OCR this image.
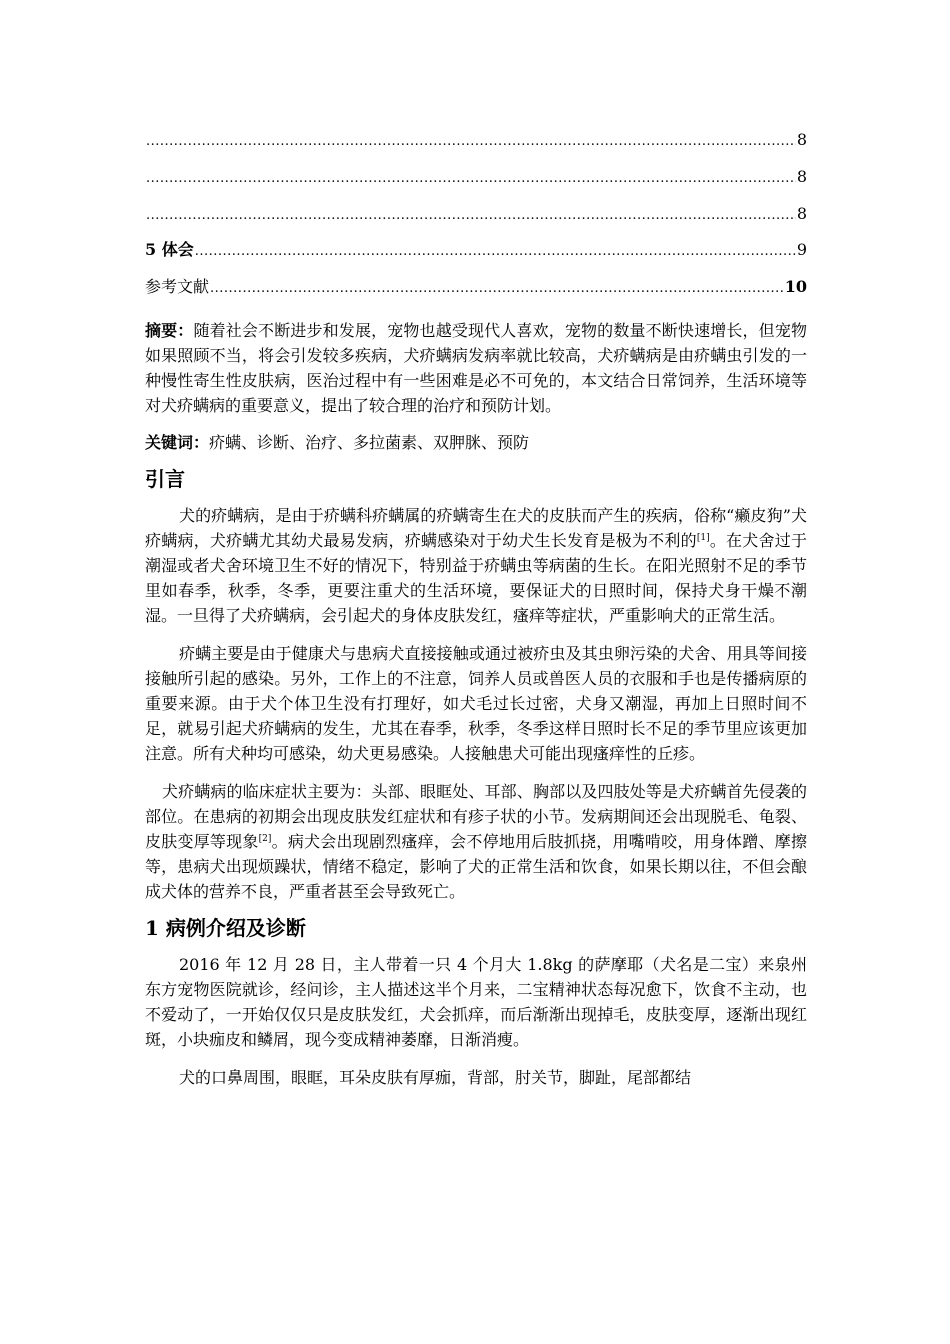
.....
8
.....
8
.....
8
5 体会 .....	9
参考文献 .....	10

摘要：随着社会不断进步和发展，宠物也越受现代人喜欢，宠物的数量不断快速增长，但宠物如果照顾不当，将会引发较多疾病，犬疥螨病发病率就比较高，犬疥螨病是由疥螨虫引发的一种慢性寄生性皮肤病，医治过程中有一些困难是必不可免的，本文结合日常饲养，生活环境等对犬疥螨病的重要意义，提出了较合理的治疗和预防计划。

关键词：疥螨、诊断、治疗、多拉菌素、双胛脒、预防

引言

犬的疥螨病，是由于疥螨科疥螨属的疥螨寄生在犬的皮肤而产生的疾病，俗称“癞皮狗”犬疥螨病，犬疥螨尤其幼犬最易发病，疥螨感染对于幼犬生长发育是极为不利的[1]。在犬舍过于潮湿或者犬舍环境卫生不好的情况下，特别益于疥螨虫等病菌的生长。在阳光照射不足的季节里如春季，秋季，冬季，更要注重犬的生活环境，要保证犬的日照时间，保持犬身干燥不潮湿。一旦得了犬疥螨病，会引起犬的身体皮肤发红，瘙痒等症状，严重影响犬的正常生活。

疥螨主要是由于健康犬与患病犬直接接触或通过被疥虫及其虫卵污染的犬舍、用具等间接接触所引起的感染。另外，工作上的不注意，饲养人员或兽医人员的衣服和手也是传播病原的重要来源。由于犬个体卫生没有打理好，如犬毛过长过密，犬身又潮湿，再加上日照时间不足，就易引起犬疥螨病的发生，尤其在春季，秋季，冬季这样日照时长不足的季节里应该更加注意。所有犬种均可感染，幼犬更易感染。人接触患犬可能出现瘙痒性的丘疹。

犬疥螨病的临床症状主要为：头部、眼眶处、耳部、胸部以及四肢处等是犬疥螨首先侵袭的部位。在患病的初期会出现皮肤发红症状和有疹子状的小节。发病期间还会出现脱毛、龟裂、皮肤变厚等现象[2]。病犬会出现剧烈瘙痒，会不停地用后肢抓挠，用嘴啃咬，用身体蹭、摩擦等，患病犬出现烦躁状，情绪不稳定，影响了犬的正常生活和饮食，如果长期以往，不但会酿成犬体的营养不良，严重者甚至会导致死亡。

1 病例介绍及诊断

2016 年 12 月 28 日，主人带着一只 4 个月大 1.8kg 的萨摩耶（犬名是二宝）来泉州东方宠物医院就诊，经问诊，主人描述这半个月来，二宝精神状态每况愈下，饮食不主动，也不爱动了，一开始仅仅只是皮肤发红，犬会抓痒，而后渐渐出现掉毛，皮肤变厚，逐渐出现红斑，小块痂皮和鳞屑，现今变成精神萎靡，日渐消瘦。

犬的口鼻周围，眼眶，耳朵皮肤有厚痂，背部，肘关节，脚趾，尾部都结
